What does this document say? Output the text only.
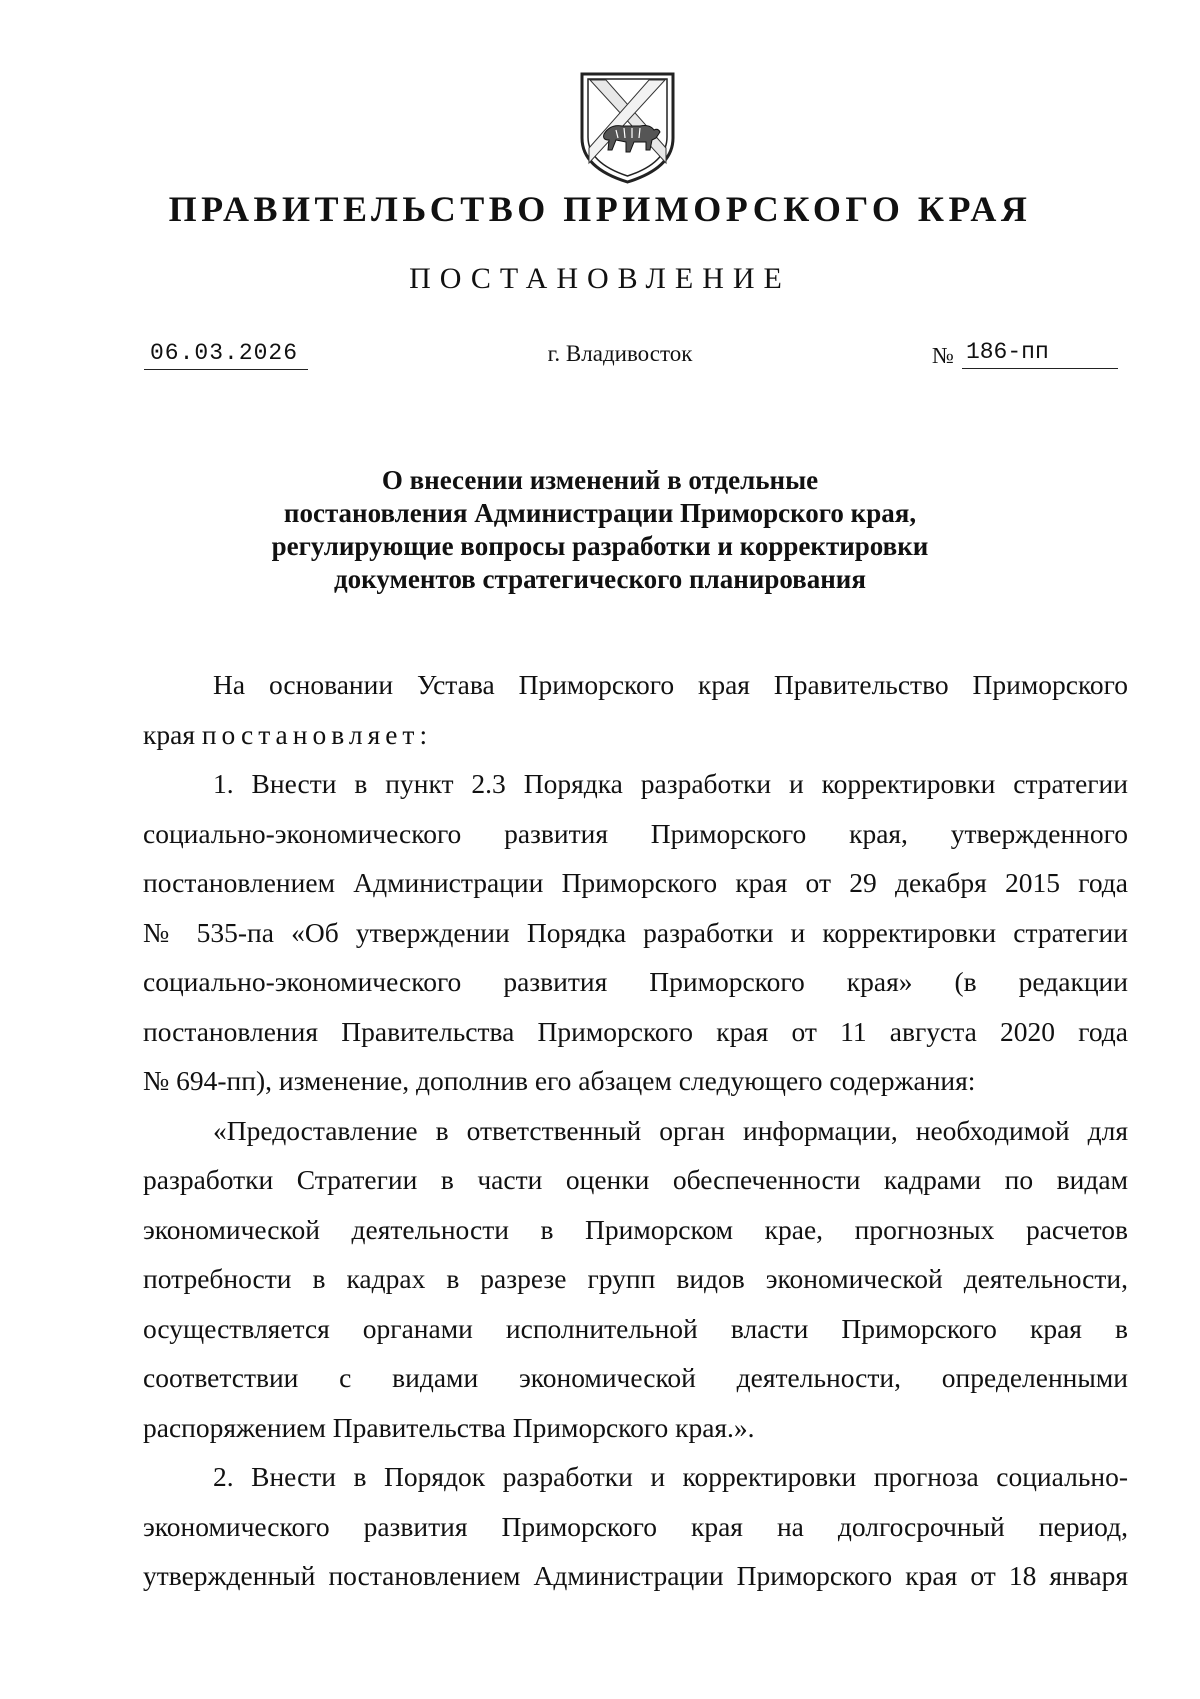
ПРАВИТЕЛЬСТВО ПРИМОРСКОГО КРАЯ
ПОСТАНОВЛЕНИЕ
06.03.2026	г. Владивосток	№ 186-пп
О внесении изменений в отдельные
постановления Администрации Приморского края,
регулирующие вопросы разработки и корректировки
документов стратегического планирования
На основании Устава Приморского края Правительство Приморского
края постановляет:
1. Внести в пункт 2.3 Порядка разработки и корректировки стратегии
социально-экономического развития Приморского края, утвержденного
постановлением Администрации Приморского края от 29 декабря 2015 года
№ 535-па «Об утверждении Порядка разработки и корректировки стратегии
социально-экономического развития Приморского края» (в редакции
постановления Правительства Приморского края от 11 августа 2020 года
№ 694-пп), изменение, дополнив его абзацем следующего содержания:
«Предоставление в ответственный орган информации, необходимой для
разработки Стратегии в части оценки обеспеченности кадрами по видам
экономической деятельности в Приморском крае, прогнозных расчетов
потребности в кадрах в разрезе групп видов экономической деятельности,
осуществляется органами исполнительной власти Приморского края в
соответствии с видами экономической деятельности, определенными
распоряжением Правительства Приморского края.».
2. Внести в Порядок разработки и корректировки прогноза социально-
экономического развития Приморского края на долгосрочный период,
утвержденный постановлением Администрации Приморского края от 18 января
